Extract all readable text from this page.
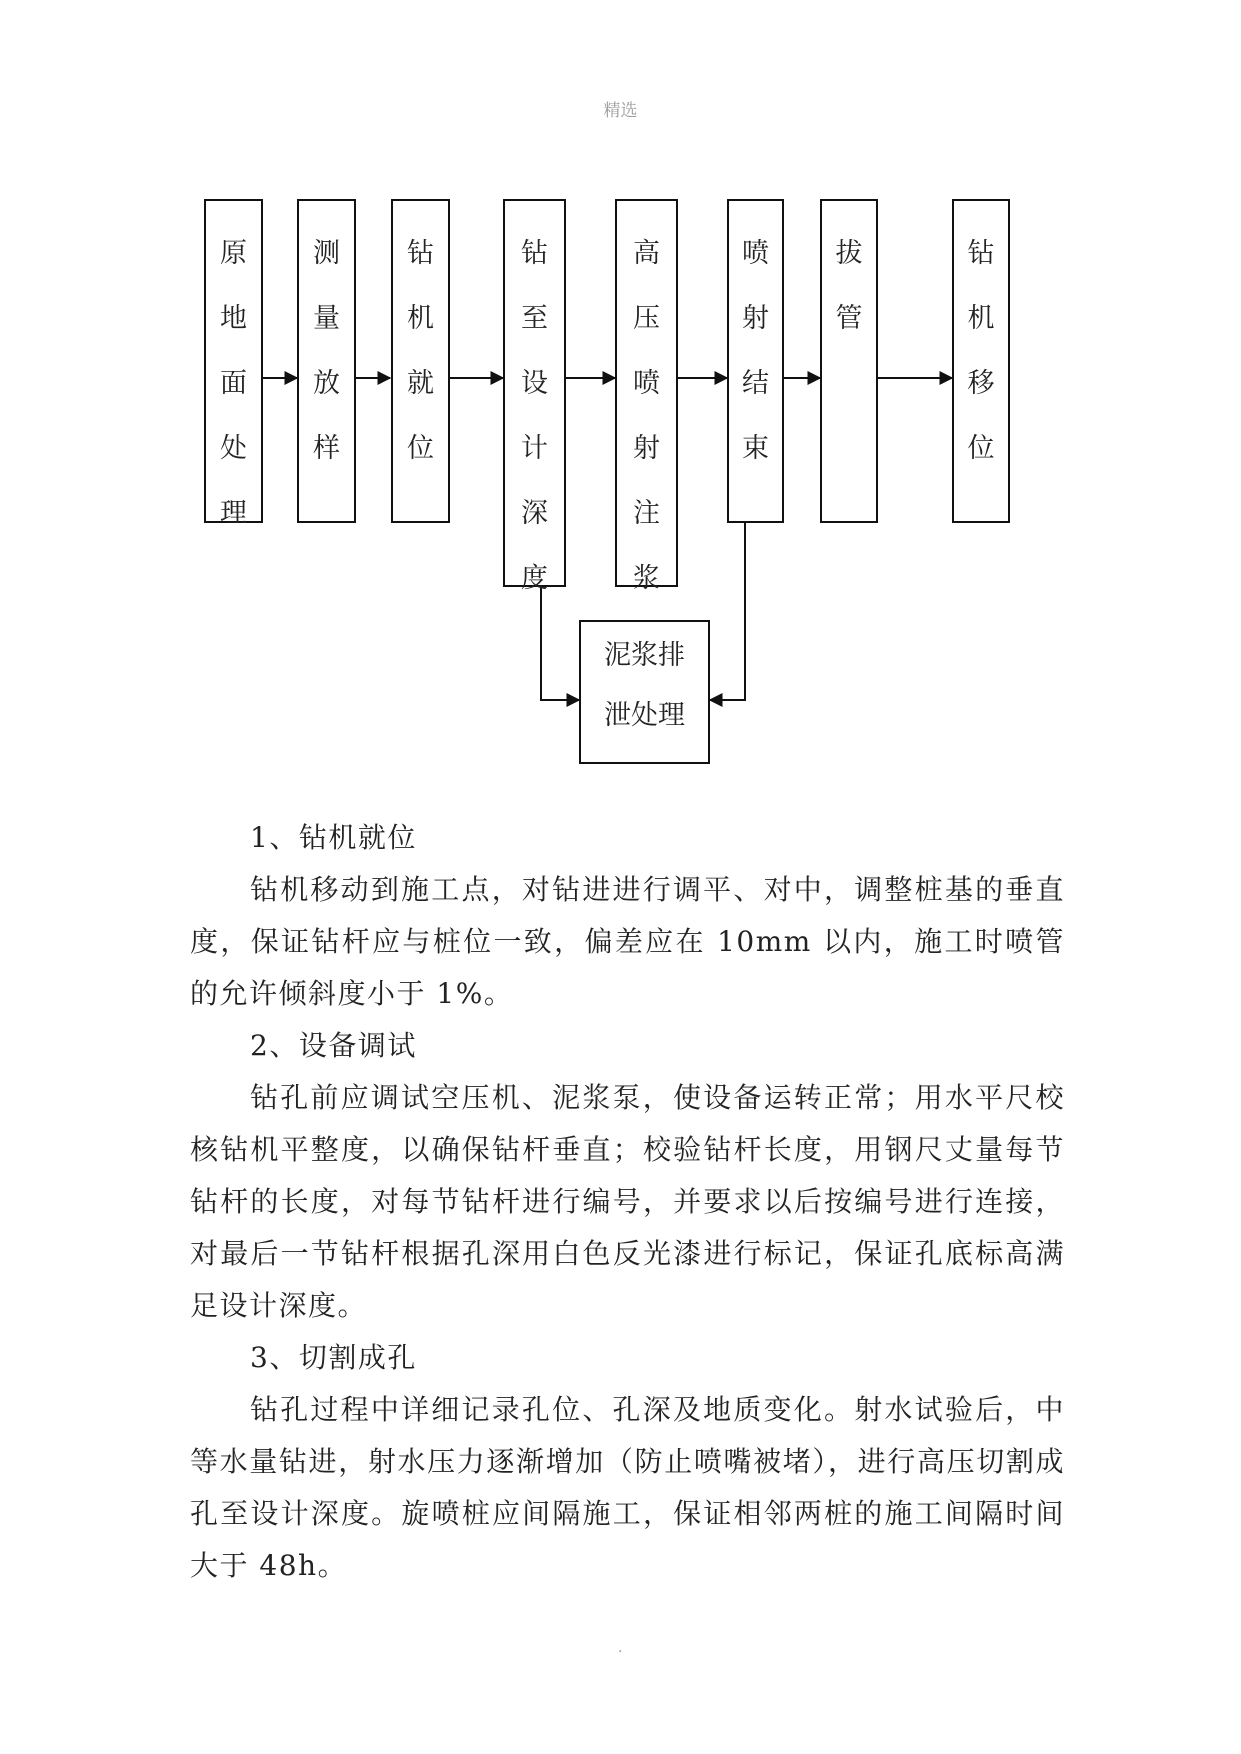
精选
原
地
面
处
理
测
量
放
样
钻
机
就
位
钻
至
设
计
深
度
高
压
喷
射
注
浆
喷
射
结
束
拔
管
钻
机
移
位
泥浆排
泄处理

1、钻机就位

钻机移动到施工点，对钻进进行调平、对中，调整桩基的垂直度，保证钻杆应与桩位一致，偏差应在 10mm 以内，施工时喷管的允许倾斜度小于 1%。

2、设备调试

钻孔前应调试空压机、泥浆泵，使设备运转正常；用水平尺校核钻机平整度，以确保钻杆垂直；校验钻杆长度，用钢尺丈量每节钻杆的长度，对每节钻杆进行编号，并要求以后按编号进行连接，对最后一节钻杆根据孔深用白色反光漆进行标记，保证孔底标高满足设计深度。

3、切割成孔

钻孔过程中详细记录孔位、孔深及地质变化。射水试验后，中等水量钻进，射水压力逐渐增加（防止喷嘴被堵），进行高压切割成孔至设计深度。旋喷桩应间隔施工，保证相邻两桩的施工间隔时间大于 48h。

.
